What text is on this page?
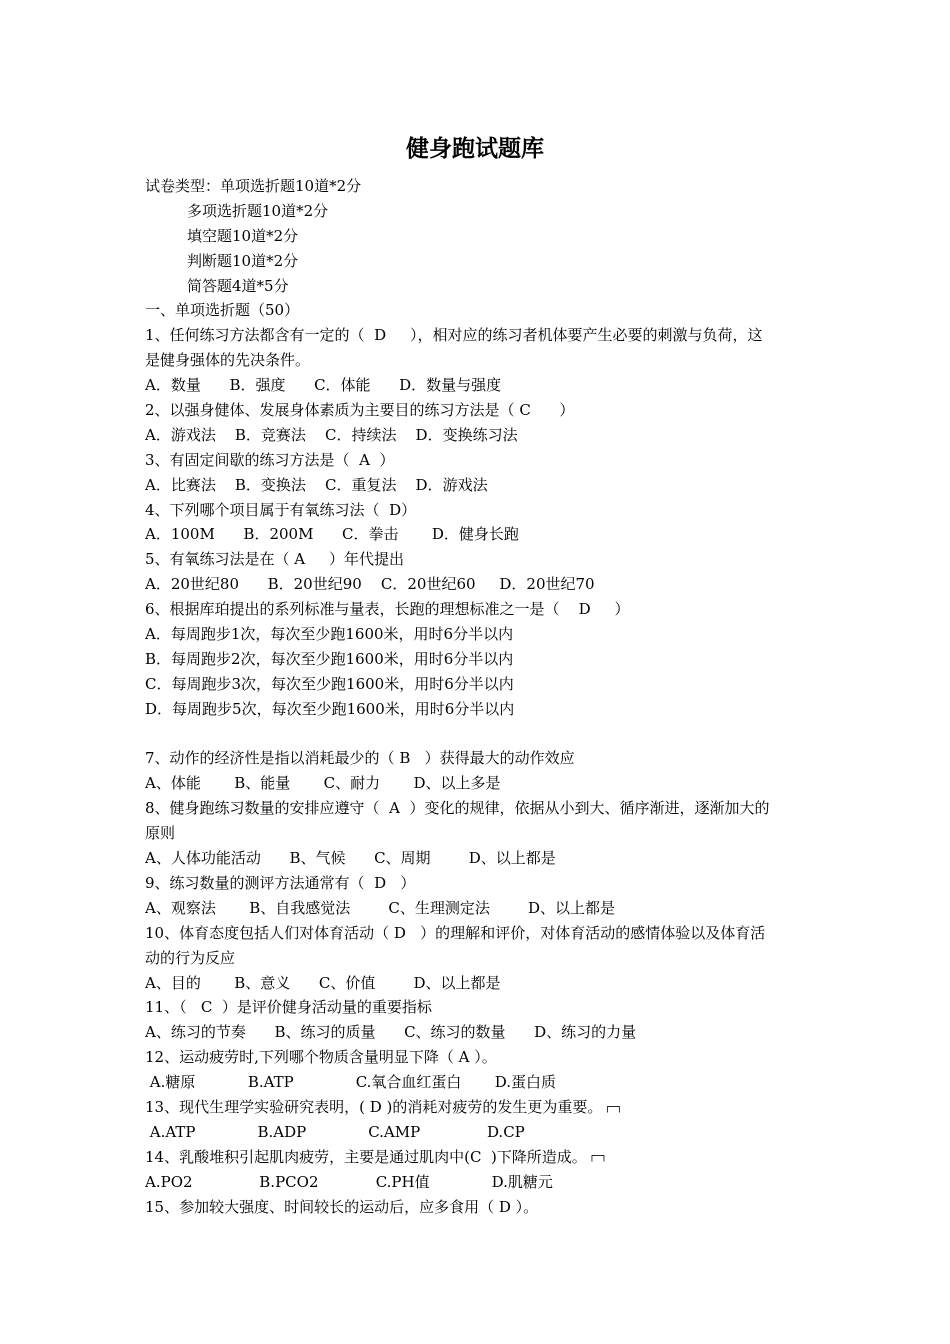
健身跑试题库
试卷类型：单项选折题10道*2分
多项选折题10道*2分
填空题10道*2分
判断题10道*2分
简答题4道*5分
一、单项选折题（50）
1、任何练习方法都含有一定的（  D     ），相对应的练习者机体要产生必要的刺激与负荷，这
是健身强体的先决条件。
A．数量      B．强度      C．体能      D．数量与强度
2、以强身健体、发展身体素质为主要目的练习方法是（ C      ）
A．游戏法    B．竞赛法    C．持续法    D．变换练习法
3、有固定间歇的练习方法是（  A  ）
A．比赛法    B．变换法    C．重复法    D．游戏法
4、下列哪个项目属于有氧练习法（  D）
A．100M      B．200M      C．拳击       D．健身长跑
5、有氧练习法是在（ A     ）年代提出
A．20世纪80      B．20世纪90    C．20世纪60     D．20世纪70
6、根据库珀提出的系列标准与量表，长跑的理想标准之一是（    D     ）
A．每周跑步1次，每次至少跑1600米，用时6分半以内
B．每周跑步2次，每次至少跑1600米，用时6分半以内
C．每周跑步3次，每次至少跑1600米，用时6分半以内
D．每周跑步5次，每次至少跑1600米，用时6分半以内
7、动作的经济性是指以消耗最少的（ B   ）获得最大的动作效应
A、体能       B、能量       C、耐力       D、以上多是
8、健身跑练习数量的安排应遵守（  A  ）变化的规律，依据从小到大、循序渐进，逐渐加大的
原则
A、人体功能活动      B、气候      C、周期        D、以上都是
9、练习数量的测评方法通常有（  D   ）
A、观察法       B、自我感觉法        C、生理测定法        D、以上都是
10、体育态度包括人们对体育活动（ D   ）的理解和评价，对体育活动的感情体验以及体育活
动的行为反应
A、目的       B、意义      C、价值        D、以上都是
11、（   C  ）是评价健身活动量的重要指标
A、练习的节奏      B、练习的质量      C、练习的数量      D、练习的力量
12、运动疲劳时,下列哪个物质含量明显下降（ A ）。
A.糖原           B.ATP             C.氧合血红蛋白       D.蛋白质
13、现代生理学实验研究表明，( D )的消耗对疲劳的发生更为重要。 ┌─┐
A.ATP             B.ADP             C.AMP              D.CP
14、乳酸堆积引起肌肉疲劳，主要是通过肌肉中(C  )下降所造成。 ┌─┐
A.PO2              B.PCO2            C.PH值             D.肌糖元
15、参加较大强度、时间较长的运动后，应多食用（ D ）。
